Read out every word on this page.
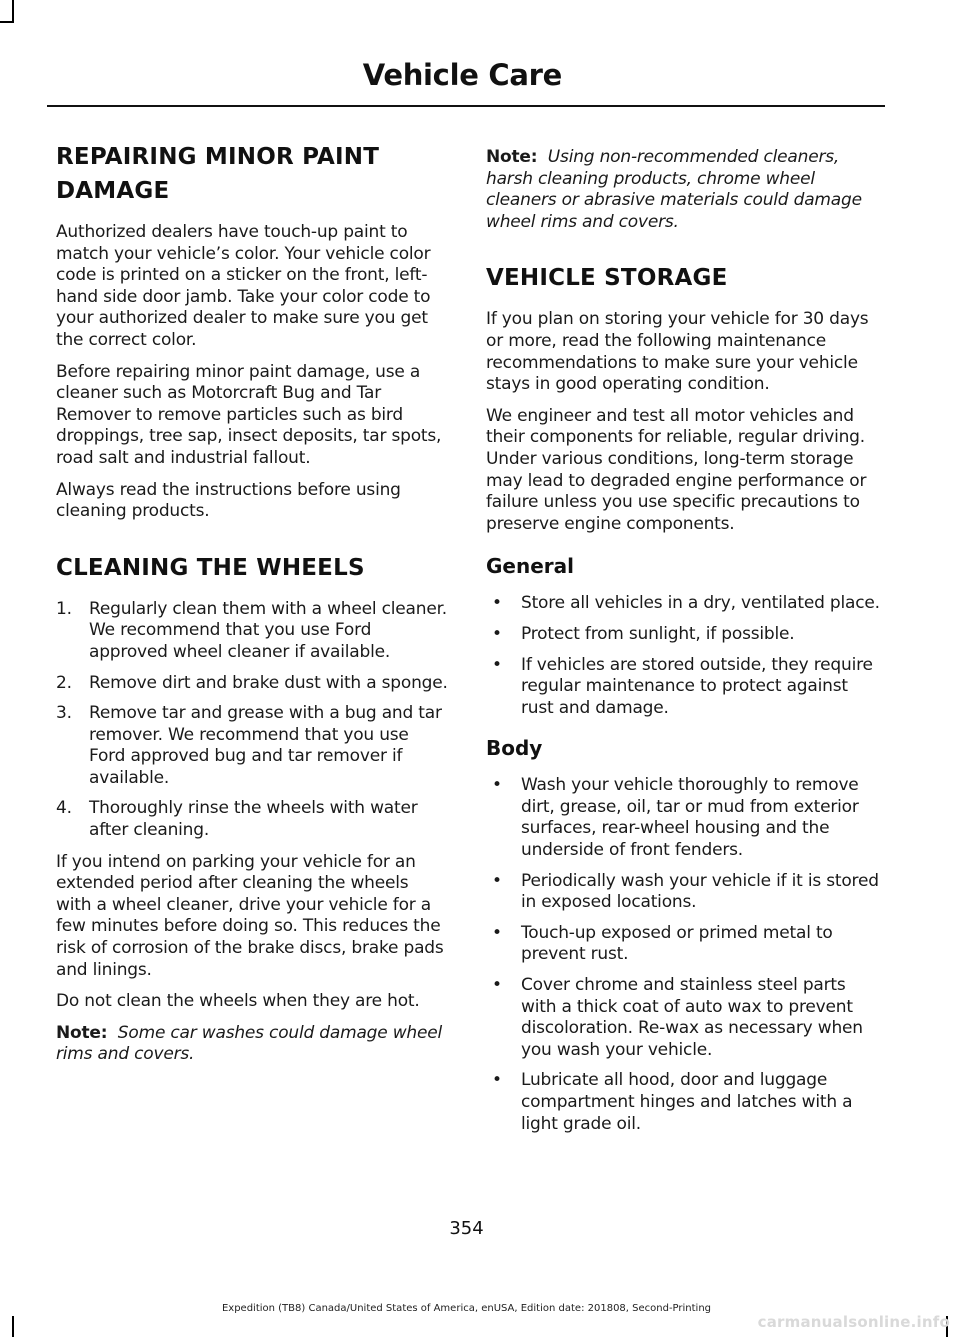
Vehicle Care
REPAIRING MINOR PAINT
DAMAGE

Authorized dealers have touch-up paint to match your vehicle’s color. Your vehicle color code is printed on a sticker on the front, left-hand side door jamb. Take your color code to your authorized dealer to make sure you get the correct color.

Before repairing minor paint damage, use a cleaner such as Motorcraft Bug and Tar Remover to remove particles such as bird droppings, tree sap, insect deposits, tar spots, road salt and industrial fallout.

Always read the instructions before using cleaning products.

CLEANING THE WHEELS
1. Regularly clean them with a wheel cleaner. We recommend that you use Ford approved wheel cleaner if available.
2. Remove dirt and brake dust with a sponge.
3. Remove tar and grease with a bug and tar remover. We recommend that you use Ford approved bug and tar remover if available.
4. Thoroughly rinse the wheels with water after cleaning.

If you intend on parking your vehicle for an extended period after cleaning the wheels with a wheel cleaner, drive your vehicle for a few minutes before doing so. This reduces the risk of corrosion of the brake discs, brake pads and linings.

Do not clean the wheels when they are hot.

Note: Some car washes could damage wheel rims and covers.

Note: Using non-recommended cleaners, harsh cleaning products, chrome wheel cleaners or abrasive materials could damage wheel rims and covers.

VEHICLE STORAGE

If you plan on storing your vehicle for 30 days or more, read the following maintenance recommendations to make sure your vehicle stays in good operating condition.

We engineer and test all motor vehicles and their components for reliable, regular driving. Under various conditions, long-term storage may lead to degraded engine performance or failure unless you use specific precautions to preserve engine components.

General
• Store all vehicles in a dry, ventilated place.
• Protect from sunlight, if possible.
• If vehicles are stored outside, they require regular maintenance to protect against rust and damage.
Body
• Wash your vehicle thoroughly to remove dirt, grease, oil, tar or mud from exterior surfaces, rear-wheel housing and the underside of front fenders.
• Periodically wash your vehicle if it is stored in exposed locations.
• Touch-up exposed or primed metal to prevent rust.
• Cover chrome and stainless steel parts with a thick coat of auto wax to prevent discoloration. Re-wax as necessary when you wash your vehicle.
• Lubricate all hood, door and luggage compartment hinges and latches with a light grade oil.
354
Expedition (TB8) Canada/United States of America, enUSA, Edition date: 201808, Second-Printing
carmanualsonline.info
